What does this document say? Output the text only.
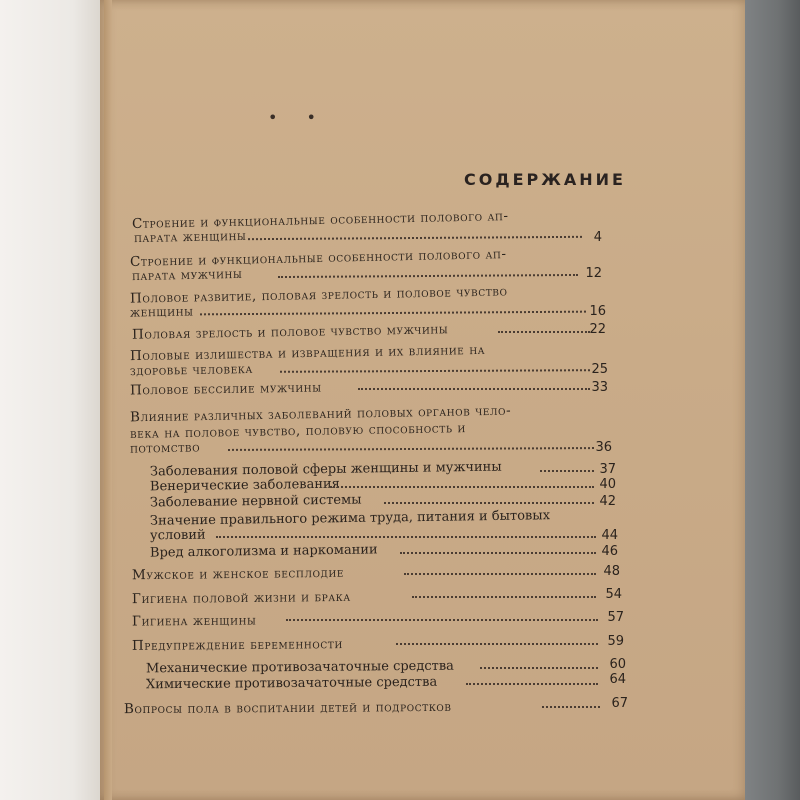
• •
СОДЕРЖАНИЕ
Строение и функциональные особенности полового ап-
парата женщины	4
Строение и функциональные особенности полового ап-
парата мужчины	12
Половое развитие, половая зрелость и половое чувство
женщины	16
Половая зрелость и половое чувство мужчины	22
Половые излишества и извращения и их влияние на
здоровье человека	25
Половое бессилие мужчины	33
Влияние различных заболеваний половых органов чело-
века на половое чувство, половую способность и
потомство	36
Заболевания половой сферы женщины и мужчины	37
Венерические заболевания	40
Заболевание нервной системы	42
Значение правильного режима труда, питания и бытовых
условий	44
Вред алкоголизма и наркомании	46
Мужское и женское бесплодие	48
Гигиена половой жизни и брака	54
Гигиена женщины	57
Предупреждение беременности	59
Механические противозачаточные средства	60
Химические противозачаточные средства	64
Вопросы пола в воспитании детей и подростков	67
